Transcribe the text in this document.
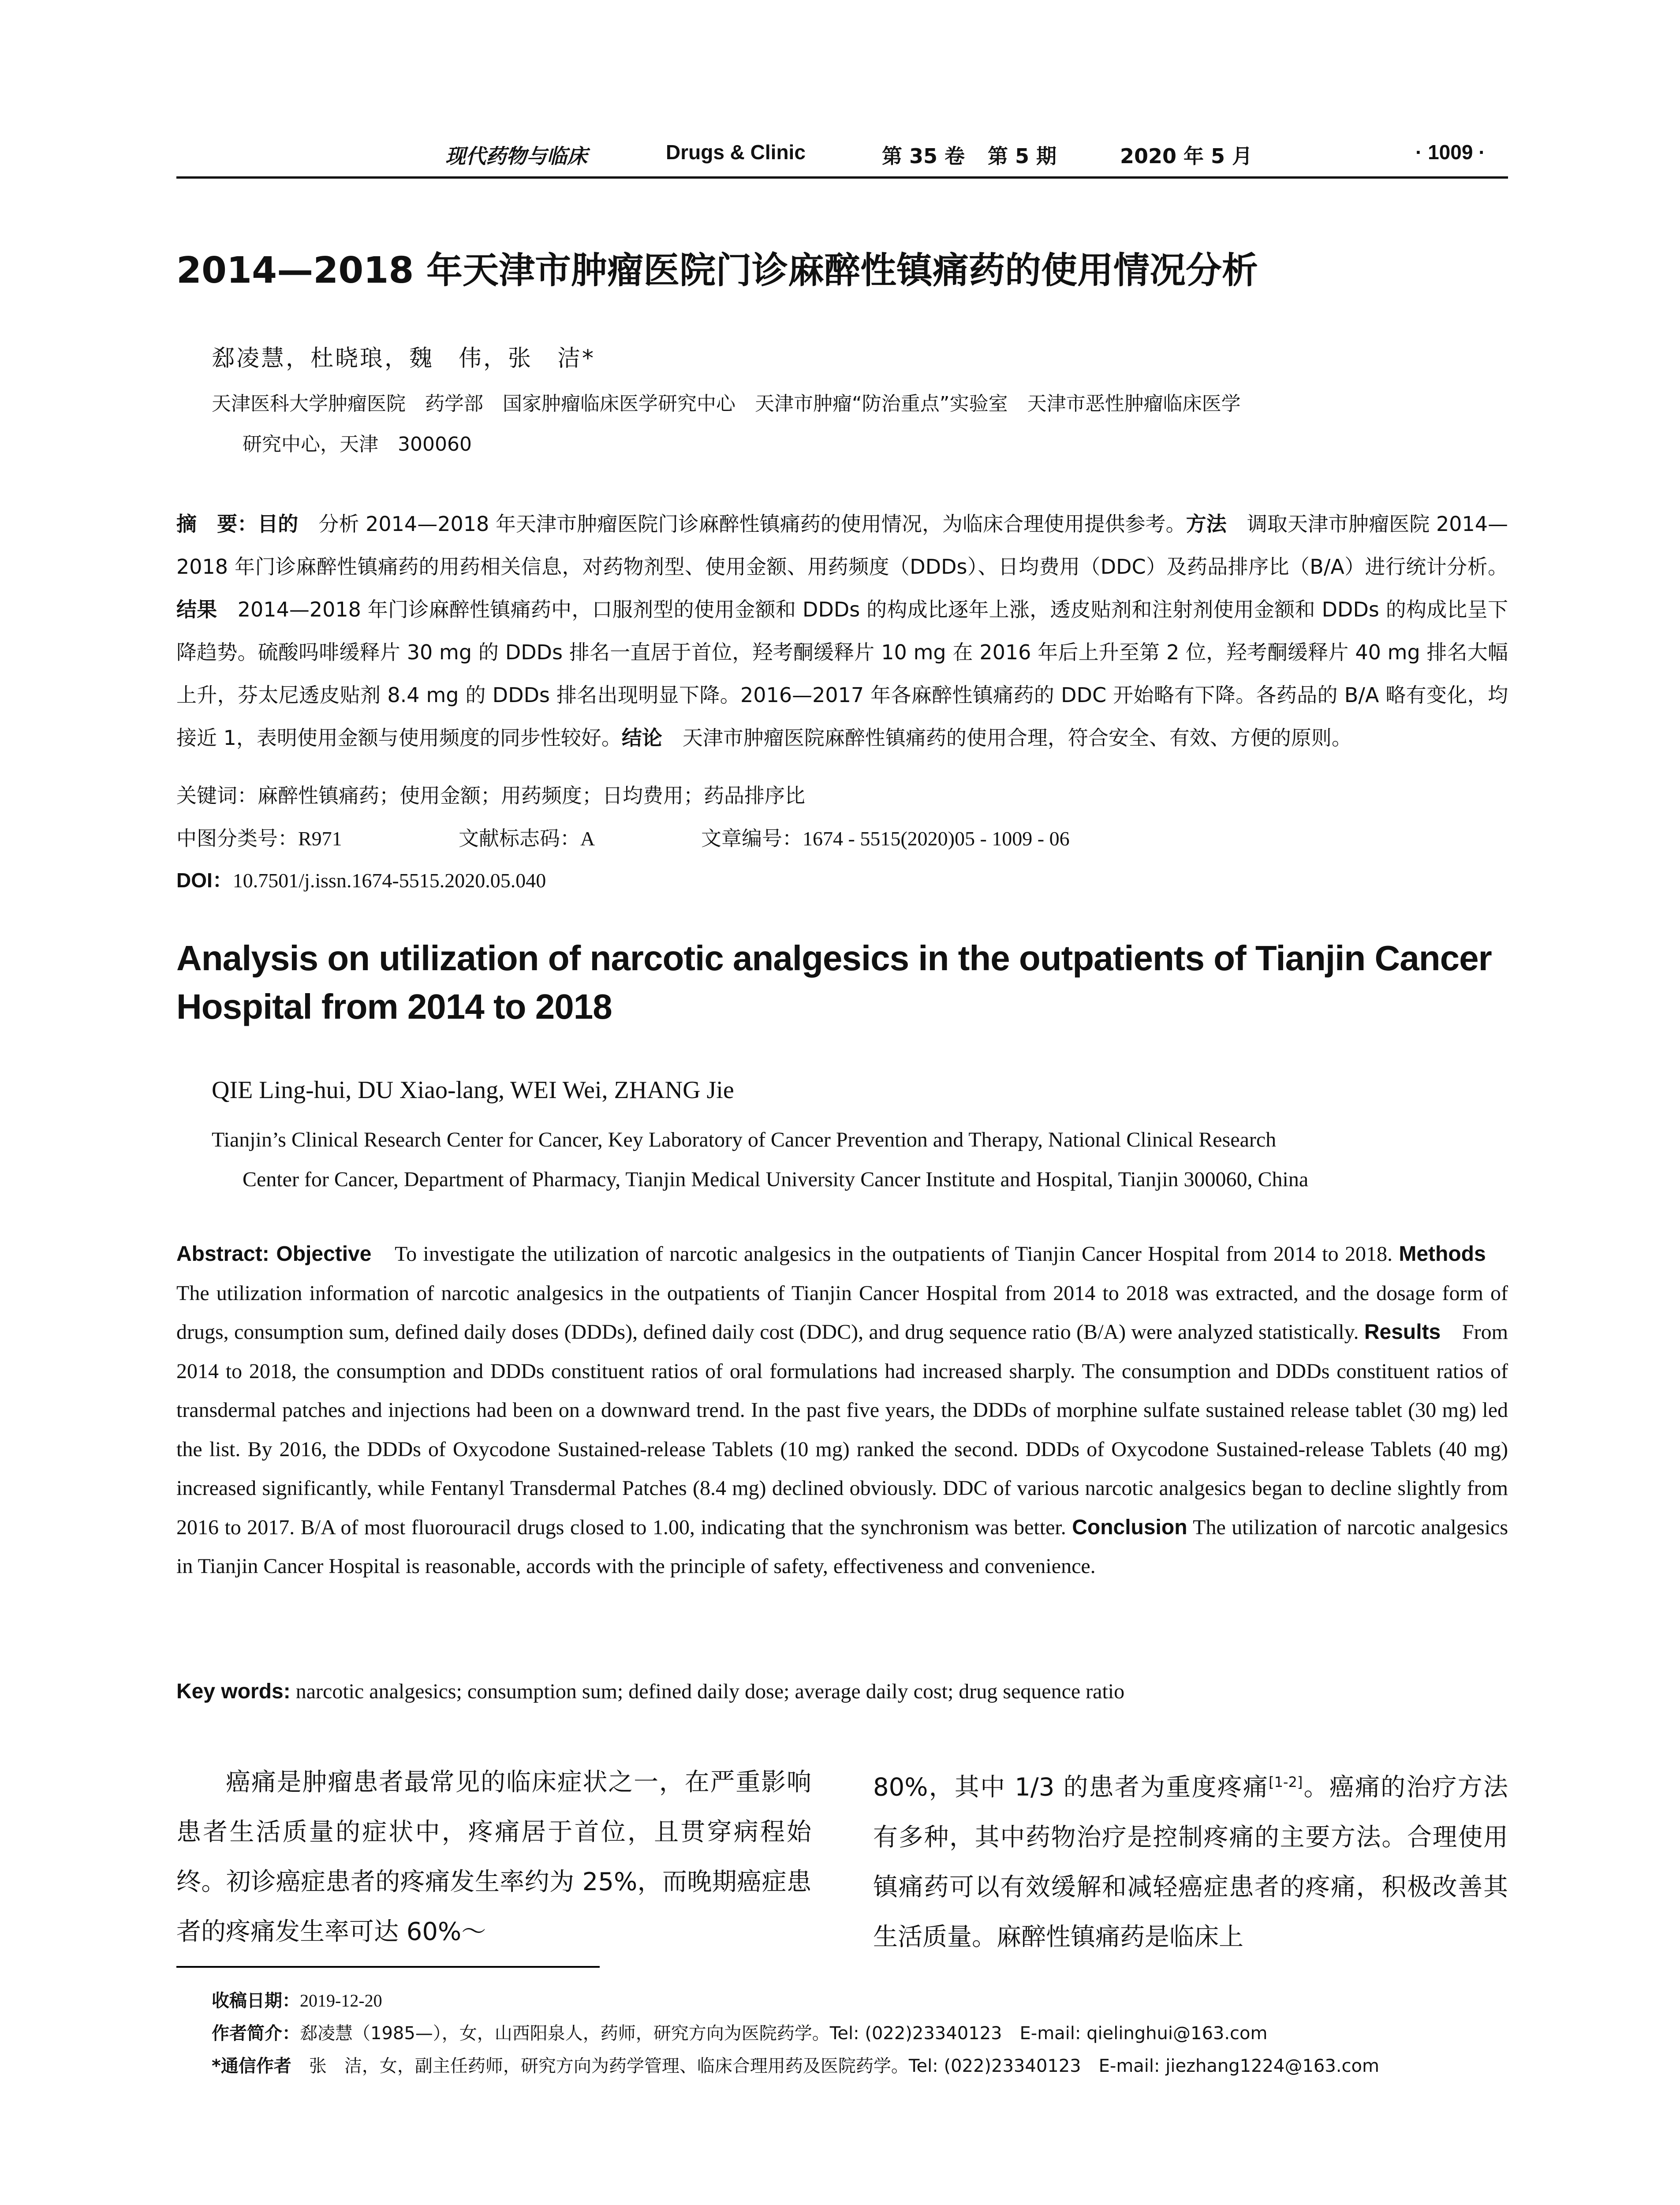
现代药物与临床	Drugs & Clinic	第 35 卷 第 5 期	2020 年 5 月	· 1009 ·
2014—2018 年天津市肿瘤医院门诊麻醉性镇痛药的使用情况分析
郄凌慧，杜晓琅，魏　伟，张　洁*
天津医科大学肿瘤医院　药学部　国家肿瘤临床医学研究中心　天津市肿瘤“防治重点”实验室　天津市恶性肿瘤临床医学
研究中心，天津　300060
摘　要：目的　分析 2014—2018 年天津市肿瘤医院门诊麻醉性镇痛药的使用情况，为临床合理使用提供参考。方法　调取天津市肿瘤医院 2014—2018 年门诊麻醉性镇痛药的用药相关信息，对药物剂型、使用金额、用药频度（DDDs）、日均费用（DDC）及药品排序比（B/A）进行统计分析。结果　2014—2018 年门诊麻醉性镇痛药中，口服剂型的使用金额和 DDDs 的构成比逐年上涨，透皮贴剂和注射剂使用金额和 DDDs 的构成比呈下降趋势。硫酸吗啡缓释片 30 mg 的 DDDs 排名一直居于首位，羟考酮缓释片 10 mg 在 2016 年后上升至第 2 位，羟考酮缓释片 40 mg 排名大幅上升，芬太尼透皮贴剂 8.4 mg 的 DDDs 排名出现明显下降。2016—2017 年各麻醉性镇痛药的 DDC 开始略有下降。各药品的 B/A 略有变化，均接近 1，表明使用金额与使用频度的同步性较好。结论　天津市肿瘤医院麻醉性镇痛药的使用合理，符合安全、有效、方便的原则。
关键词：麻醉性镇痛药；使用金额；用药频度；日均费用；药品排序比
中图分类号：R971	文献标志码：A	文章编号：1674 - 5515(2020)05 - 1009 - 06
DOI：10.7501/j.issn.1674-5515.2020.05.040
Analysis on utilization of narcotic analgesics in the outpatients of Tianjin Cancer Hospital from 2014 to 2018
QIE Ling-hui, DU Xiao-lang, WEI Wei, ZHANG Jie
Tianjin’s Clinical Research Center for Cancer, Key Laboratory of Cancer Prevention and Therapy, National Clinical Research
Center for Cancer, Department of Pharmacy, Tianjin Medical University Cancer Institute and Hospital, Tianjin 300060, China
Abstract: Objective　To investigate the utilization of narcotic analgesics in the outpatients of Tianjin Cancer Hospital from 2014 to 2018. Methods　The utilization information of narcotic analgesics in the outpatients of Tianjin Cancer Hospital from 2014 to 2018 was extracted, and the dosage form of drugs, consumption sum, defined daily doses (DDDs), defined daily cost (DDC), and drug sequence ratio (B/A) were analyzed statistically. Results　From 2014 to 2018, the consumption and DDDs constituent ratios of oral formulations had increased sharply. The consumption and DDDs constituent ratios of transdermal patches and injections had been on a downward trend. In the past five years, the DDDs of morphine sulfate sustained release tablet (30 mg) led the list. By 2016, the DDDs of Oxycodone Sustained-release Tablets (10 mg) ranked the second. DDDs of Oxycodone Sustained-release Tablets (40 mg) increased significantly, while Fentanyl Transdermal Patches (8.4 mg) declined obviously. DDC of various narcotic analgesics began to decline slightly from 2016 to 2017. B/A of most fluorouracil drugs closed to 1.00, indicating that the synchronism was better. Conclusion The utilization of narcotic analgesics in Tianjin Cancer Hospital is reasonable, accords with the principle of safety, effectiveness and convenience.
Key words: narcotic analgesics; consumption sum; defined daily dose; average daily cost; drug sequence ratio
癌痛是肿瘤患者最常见的临床症状之一，在严重影响患者生活质量的症状中，疼痛居于首位，且贯穿病程始终。初诊癌症患者的疼痛发生率约为 25%，而晚期癌症患者的疼痛发生率可达 60%～
80%，其中 1/3 的患者为重度疼痛[1-2]。癌痛的治疗方法有多种，其中药物治疗是控制疼痛的主要方法。合理使用镇痛药可以有效缓解和减轻癌症患者的疼痛，积极改善其生活质量。麻醉性镇痛药是临床上
收稿日期：2019-12-20
作者简介：郄凌慧（1985—），女，山西阳泉人，药师，研究方向为医院药学。Tel: (022)23340123　E-mail: qielinghui@163.com
*通信作者　张　洁，女，副主任药师，研究方向为药学管理、临床合理用药及医院药学。Tel: (022)23340123　E-mail: jiezhang1224@163.com
